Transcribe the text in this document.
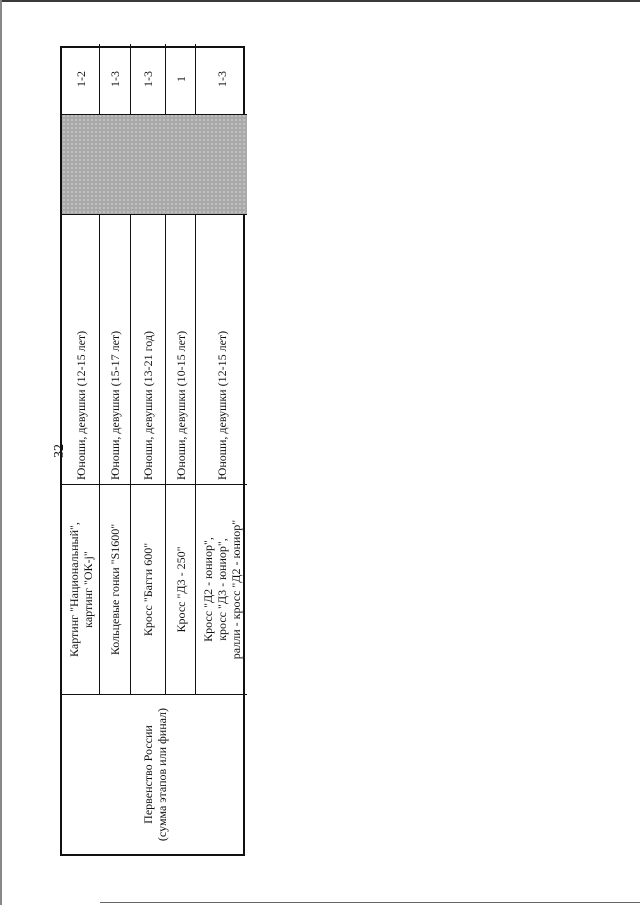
32
Первенство России
(сумма этапов или финал)
Картинг "Национальный",
картинг "ОК-j"
Юноши, девушки (12-15 лет)
1-2
Кольцевые гонки "S1600"
Юноши, девушки (15-17 лет)
1-3
Кросс "Багги 600"
Юноши, девушки (13-21 год)
1-3
Кросс "Д3 - 250"
Юноши, девушки (10-15 лет)
1
Кросс "Д2 - юниор",
кросс "Д3 - юниор",
ралли - кросс "Д2 - юниор"
Юноши, девушки (12-15 лет)
1-3
